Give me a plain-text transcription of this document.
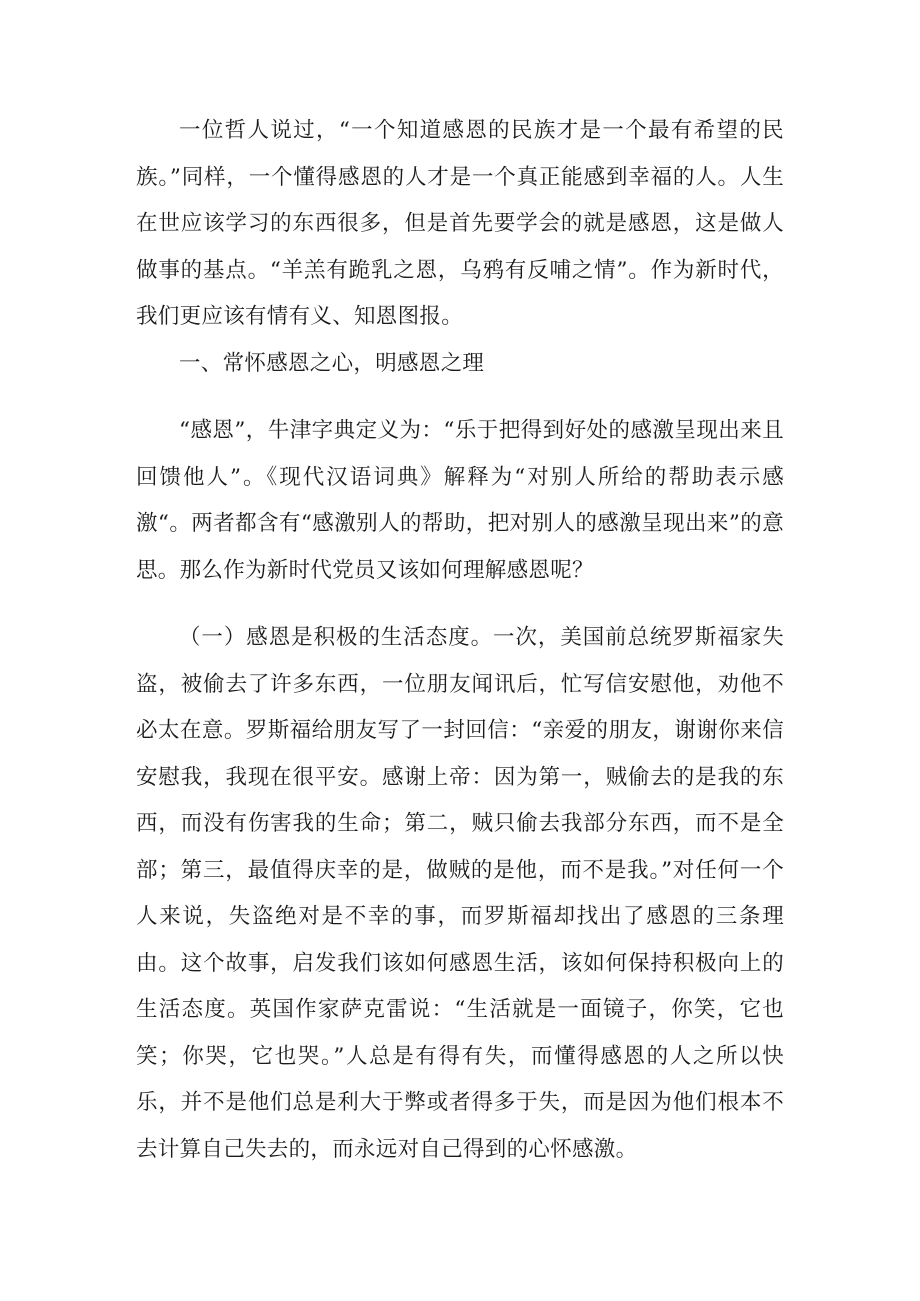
一位哲人说过，“一个知道感恩的民族才是一个最有希望的民族。”同样，一个懂得感恩的人才是一个真正能感到幸福的人。人生在世应该学习的东西很多，但是首先要学会的就是感恩，这是做人做事的基点。“羊羔有跪乳之恩，乌鸦有反哺之情”。作为新时代，我们更应该有情有义、知恩图报。

一、常怀感恩之心，明感恩之理

“感恩”，牛津字典定义为：“乐于把得到好处的感激呈现出来且回馈他人”。《现代汉语词典》解释为“对别人所给的帮助表示感激“。两者都含有“感激别人的帮助，把对别人的感激呈现出来”的意思。那么作为新时代党员又该如何理解感恩呢？

（一）感恩是积极的生活态度。一次，美国前总统罗斯福家失盗，被偷去了许多东西，一位朋友闻讯后，忙写信安慰他，劝他不必太在意。罗斯福给朋友写了一封回信：“亲爱的朋友，谢谢你来信安慰我，我现在很平安。感谢上帝：因为第一，贼偷去的是我的东西，而没有伤害我的生命；第二，贼只偷去我部分东西，而不是全部；第三，最值得庆幸的是，做贼的是他，而不是我。”对任何一个人来说，失盗绝对是不幸的事，而罗斯福却找出了感恩的三条理由。这个故事，启发我们该如何感恩生活，该如何保持积极向上的生活态度。英国作家萨克雷说：“生活就是一面镜子，你笑，它也笑；你哭，它也哭。”人总是有得有失，而懂得感恩的人之所以快乐，并不是他们总是利大于弊或者得多于失，而是因为他们根本不去计算自己失去的，而永远对自己得到的心怀感激。
